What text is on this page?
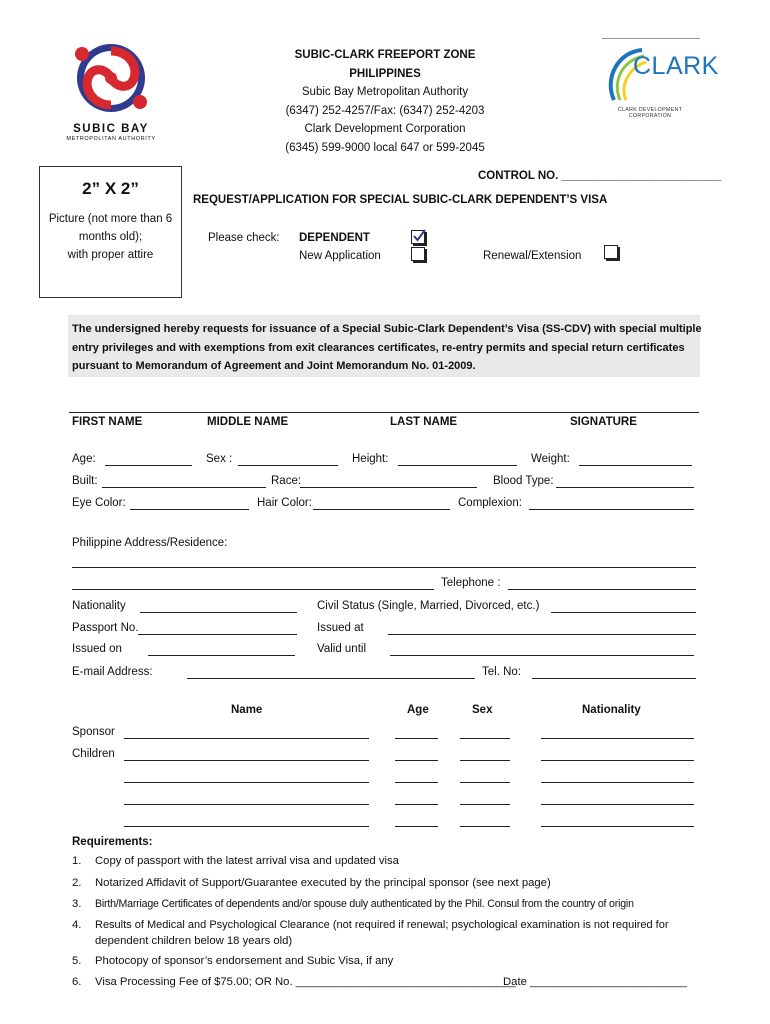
SUBIC BAY
METROPOLITAN AUTHORITY
SUBIC-CLARK FREEPORT ZONE
PHILIPPINES
Subic Bay Metropolitan Authority
(6347) 252-4257/Fax: (6347) 252-4203
Clark Development Corporation
(6345) 599-9000 local 647 or 599-2045
CLARK
CLARK DEVELOPMENT CORPORATION
2” X 2”
Picture (not more than 6
months old);
with proper attire
CONTROL NO. _________________________
REQUEST/APPLICATION FOR SPECIAL SUBIC-CLARK DEPENDENT’S VISA
Please check: DEPENDENT
New Application	Renewal/Extension
The undersigned hereby requests for issuance of a Special Subic-Clark Dependent’s Visa (SS-CDV) with special multiple
entry privileges and with exemptions from exit clearances certificates, re-entry permits and special return certificates
pursuant to Memorandum of Agreement and Joint Memorandum No. 01-2009.
FIRST NAME	MIDDLE NAME	LAST NAME	SIGNATURE
Age:	Sex :	Height:	Weight:
Built:	Race:	Blood Type:
Eye Color:	Hair Color:	Complexion:
Philippine Address/Residence:
Telephone :
Nationality	Civil Status (Single, Married, Divorced, etc.)
Passport No.	Issued at
Issued on	Valid until
E-mail Address:	Tel. No:
Name	Age	Sex	Nationality
Sponsor
Children
Requirements:
1. Copy of passport with the latest arrival visa and updated visa
2. Notarized Affidavit of Support/Guarantee executed by the principal sponsor (see next page)
3. Birth/Marriage Certificates of dependents and/or spouse duly authenticated by the Phil. Consul from the country of origin
4. Results of Medical and Psychological Clearance (not required if renewal; psychological examination is not required for
dependent children below 18 years old)
5. Photocopy of sponsor’s endorsement and Subic Visa, if any
6. Visa Processing Fee of $75.00; OR No. ___________________________________
Date _________________________
